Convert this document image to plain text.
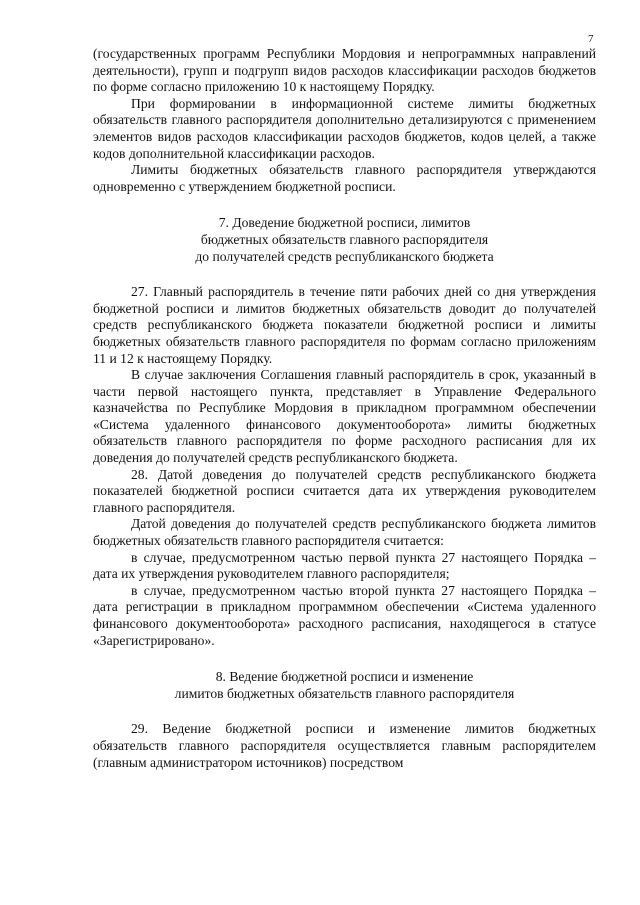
7

(государственных программ Республики Мордовия и непрограммных направлений деятельности), групп и подгрупп видов расходов классификации расходов бюджетов по форме согласно приложению 10 к настоящему Порядку.

При формировании в информационной системе лимиты бюджетных обязательств главного распорядителя дополнительно детализируются с применением элементов видов расходов классификации расходов бюджетов, кодов целей, а также кодов дополнительной классификации расходов.

Лимиты бюджетных обязательств главного распорядителя утверждаются одновременно с утверждением бюджетной росписи.

7. Доведение бюджетной росписи, лимитов

бюджетных обязательств главного распорядителя

до получателей средств республиканского бюджета

27. Главный распорядитель в течение пяти рабочих дней со дня утверждения бюджетной росписи и лимитов бюджетных обязательств доводит до получателей средств республиканского бюджета показатели бюджетной росписи и лимиты бюджетных обязательств главного распорядителя по формам согласно приложениям 11 и 12 к настоящему Порядку.

В случае заключения Соглашения главный распорядитель в срок, указанный в части первой настоящего пункта, представляет в Управление Федерального казначейства по Республике Мордовия в прикладном программном обеспечении «Система удаленного финансового документооборота» лимиты бюджетных обязательств главного распорядителя по форме расходного расписания для их доведения до получателей средств республиканского бюджета.

28. Датой доведения до получателей средств республиканского бюджета показателей бюджетной росписи считается дата их утверждения руководителем главного распорядителя.

Датой доведения до получателей средств республиканского бюджета лимитов бюджетных обязательств главного распорядителя считается:

в случае, предусмотренном частью первой пункта 27 настоящего Порядка – дата их утверждения руководителем главного распорядителя;

в случае, предусмотренном частью второй пункта 27 настоящего Порядка – дата регистрации в прикладном программном обеспечении «Система удаленного финансового документооборота» расходного расписания, находящегося в статусе «Зарегистрировано».

8. Ведение бюджетной росписи и изменение

лимитов бюджетных обязательств главного распорядителя

29. Ведение бюджетной росписи и изменение лимитов бюджетных обязательств главного распорядителя осуществляется главным распорядителем (главным администратором источников) посредством
